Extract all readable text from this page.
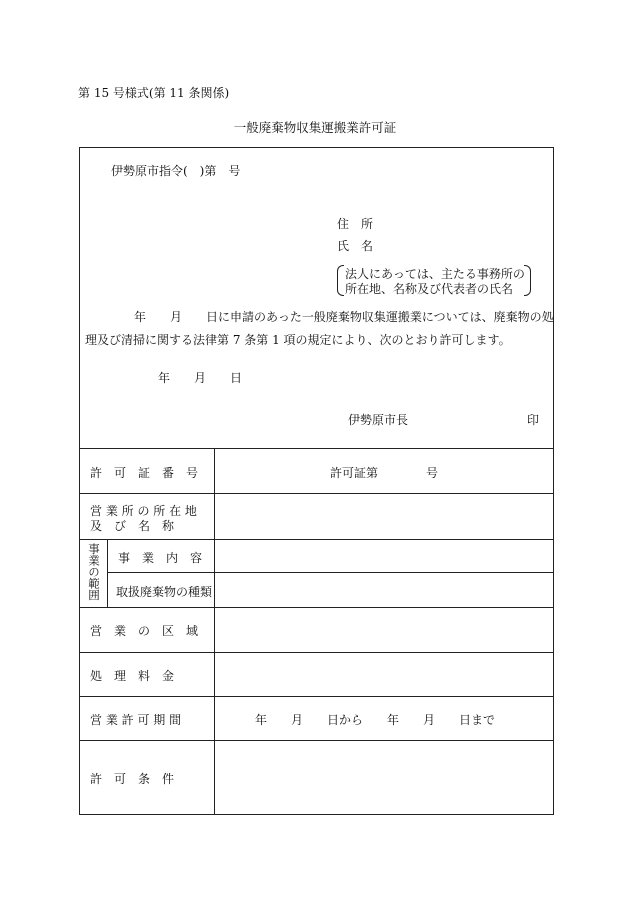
第 15 号様式(第 11 条関係)
一般廃棄物収集運搬業許可証
伊勢原市指令(　)第　号
住　所
氏　名
法人にあっては、主たる事務所の
所在地、名称及び代表者の氏名
年　　月　　日に申請のあった一般廃棄物収集運搬業については、廃棄物の処
理及び清掃に関する法律第 7 条第 1 項の規定により、次のとおり許可します。
年　　月　　日
伊勢原市長	印
許　可　証　番　号	許可証第　　　　号
営 業 所 の 所 在 地
及　び　名　称
事業の範囲 事　業　内　容
取扱廃棄物の種類
営　業　の　区　域
処　理　料　金
営 業 許 可 期 間	年　　月　　日から　　年　　月　　日まで
許　可　条　件
